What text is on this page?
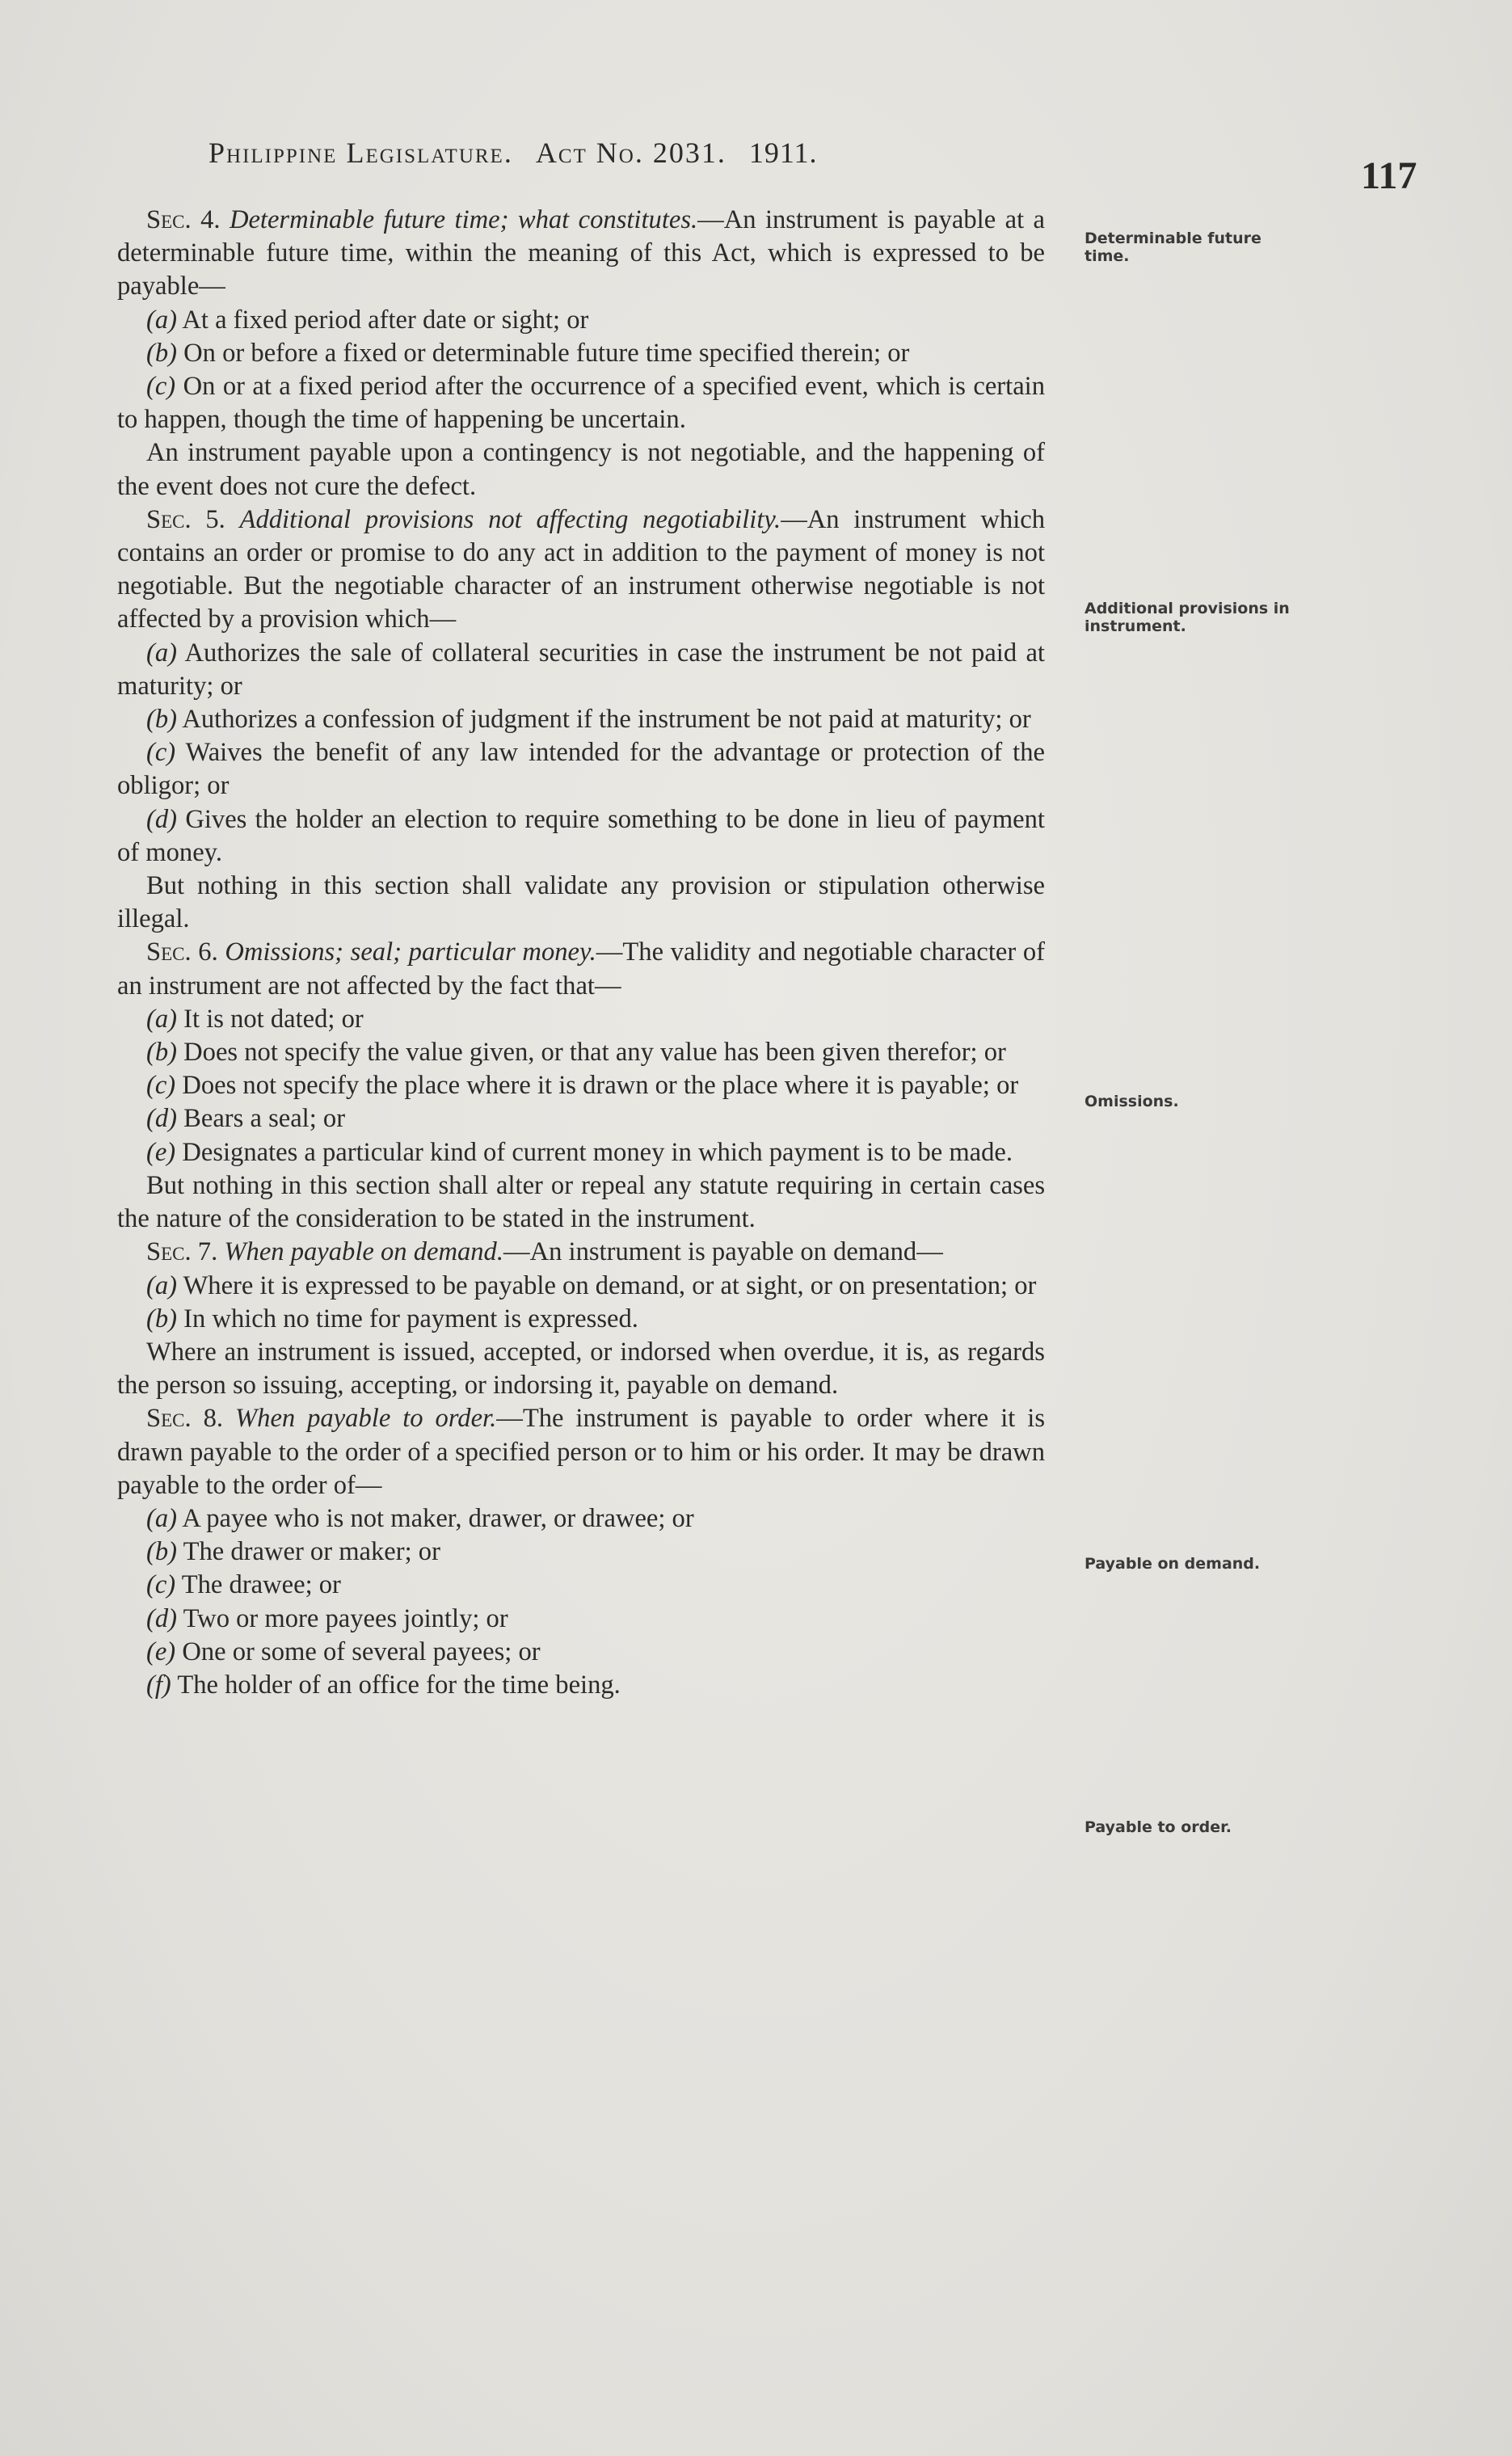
Philippine Legislature. Act No. 2031. 1911.
117
Determinable future time.
Additional provisions in instrument.
Omissions.
Payable on demand.
Payable to order.

Sec. 4. Determinable future time; what constitutes.—An instrument is payable at a determinable future time, within the meaning of this Act, which is expressed to be payable—

(a) At a fixed period after date or sight; or

(b) On or before a fixed or determinable future time specified therein; or

(c) On or at a fixed period after the occurrence of a specified event, which is certain to happen, though the time of happening be uncertain.

An instrument payable upon a contingency is not negotiable, and the happening of the event does not cure the defect.

Sec. 5. Additional provisions not affecting negotiability.—An instrument which contains an order or promise to do any act in addition to the payment of money is not negotiable. But the negotiable character of an instrument otherwise negotiable is not affected by a provision which—

(a) Authorizes the sale of collateral securities in case the instrument be not paid at maturity; or

(b) Authorizes a confession of judgment if the instrument be not paid at maturity; or

(c) Waives the benefit of any law intended for the advantage or protection of the obligor; or

(d) Gives the holder an election to require something to be done in lieu of payment of money.

But nothing in this section shall validate any provision or stipulation otherwise illegal.

Sec. 6. Omissions; seal; particular money.—The validity and negotiable character of an instrument are not affected by the fact that—

(a) It is not dated; or

(b) Does not specify the value given, or that any value has been given therefor; or

(c) Does not specify the place where it is drawn or the place where it is payable; or

(d) Bears a seal; or

(e) Designates a particular kind of current money in which payment is to be made.

But nothing in this section shall alter or repeal any statute requiring in certain cases the nature of the consideration to be stated in the instrument.

Sec. 7. When payable on demand.—An instrument is payable on demand—

(a) Where it is expressed to be payable on demand, or at sight, or on presentation; or

(b) In which no time for payment is expressed.

Where an instrument is issued, accepted, or indorsed when overdue, it is, as regards the person so issuing, accepting, or indorsing it, payable on demand.

Sec. 8. When payable to order.—The instrument is payable to order where it is drawn payable to the order of a specified person or to him or his order. It may be drawn payable to the order of—

(a) A payee who is not maker, drawer, or drawee; or

(b) The drawer or maker; or

(c) The drawee; or

(d) Two or more payees jointly; or

(e) One or some of several payees; or

(f) The holder of an office for the time being.
